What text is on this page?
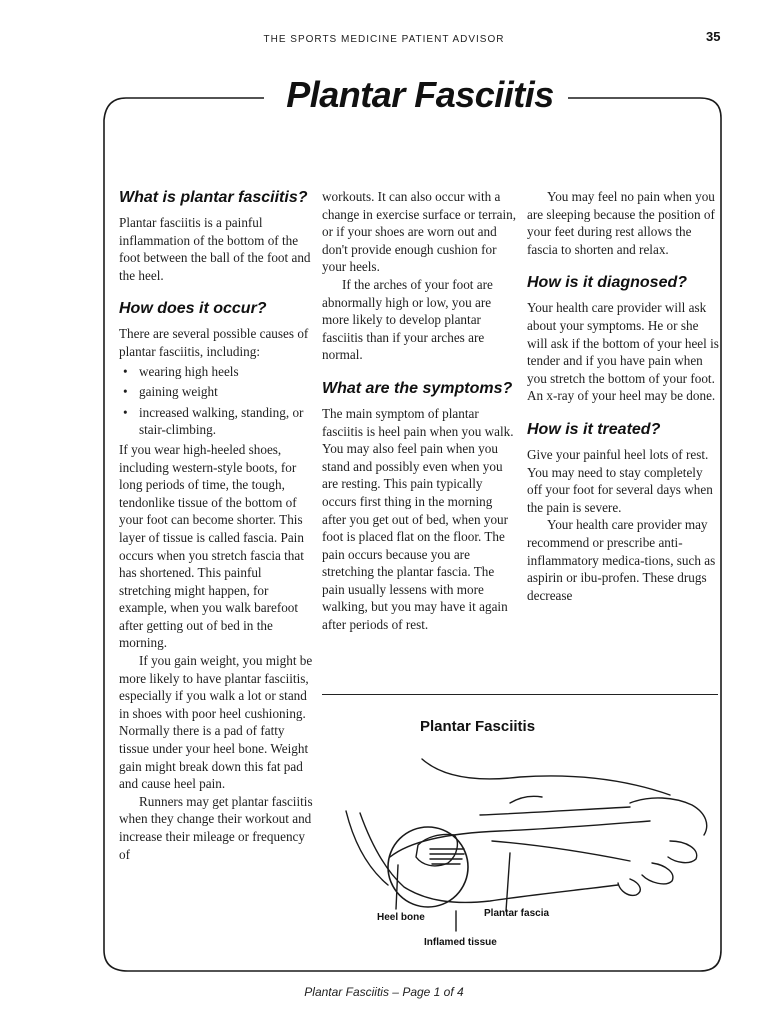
THE SPORTS MEDICINE PATIENT ADVISOR	35
Plantar Fasciitis
What is plantar fasciitis?

Plantar fasciitis is a painful inflammation of the bottom of the foot between the ball of the foot and the heel.

How does it occur?

There are several possible causes of plantar fasciitis, including:

• wearing high heels
• gaining weight
• increased walking, standing, or stair-climbing.

If you wear high-heeled shoes, including western-style boots, for long periods of time, the tough, tendonlike tissue of the bottom of your foot can become shorter. This layer of tissue is called fascia. Pain occurs when you stretch fascia that has shortened. This painful stretching might happen, for example, when you walk barefoot after getting out of bed in the morning.

If you gain weight, you might be more likely to have plantar fasciitis, especially if you walk a lot or stand in shoes with poor heel cushioning. Normally there is a pad of fatty tissue under your heel bone. Weight gain might break down this fat pad and cause heel pain.

Runners may get plantar fasciitis when they change their workout and increase their mileage or frequency of

workouts. It can also occur with a change in exercise surface or terrain, or if your shoes are worn out and don't provide enough cushion for your heels.

If the arches of your foot are abnormally high or low, you are more likely to develop plantar fasciitis than if your arches are normal.

What are the symptoms?

The main symptom of plantar fasciitis is heel pain when you walk. You may also feel pain when you stand and possibly even when you are resting. This pain typically occurs first thing in the morning after you get out of bed, when your foot is placed flat on the floor. The pain occurs because you are stretching the plantar fascia. The pain usually lessens with more walking, but you may have it again after periods of rest.

You may feel no pain when you are sleeping because the position of your feet during rest allows the fascia to shorten and relax.

How is it diagnosed?

Your health care provider will ask about your symptoms. He or she will ask if the bottom of your heel is tender and if you have pain when you stretch the bottom of your foot. An x-ray of your heel may be done.

How is it treated?

Give your painful heel lots of rest. You may need to stay completely off your foot for several days when the pain is severe.

Your health care provider may recommend or prescribe anti-inflammatory medica-tions, such as aspirin or ibu-profen. These drugs decrease

Plantar Fasciitis
Heel bone	Plantar fascia
Inflamed tissue
Plantar Fasciitis – Page 1 of 4
